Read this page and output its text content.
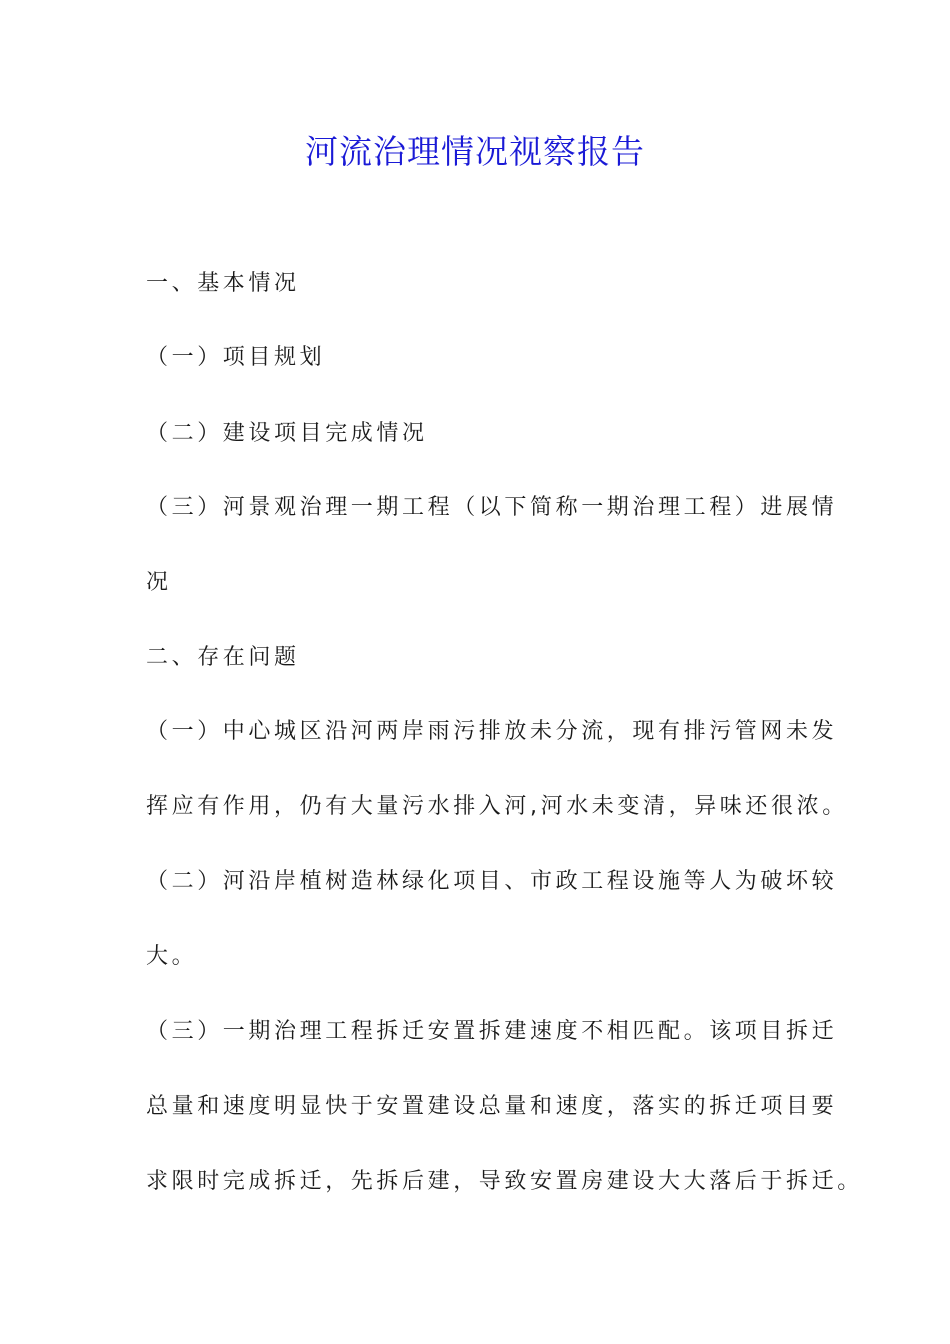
河流治理情况视察报告

一、基本情况

（一）项目规划

（二）建设项目完成情况

（三）河景观治理一期工程（以下简称一期治理工程）进展情

况

二、存在问题

（一）中心城区沿河两岸雨污排放未分流，现有排污管网未发

挥应有作用，仍有大量污水排入河,河水未变清，异味还很浓。

（二）河沿岸植树造林绿化项目、市政工程设施等人为破坏较

大。

（三）一期治理工程拆迁安置拆建速度不相匹配。该项目拆迁

总量和速度明显快于安置建设总量和速度，落实的拆迁项目要

求限时完成拆迁，先拆后建，导致安置房建设大大落后于拆迁。
